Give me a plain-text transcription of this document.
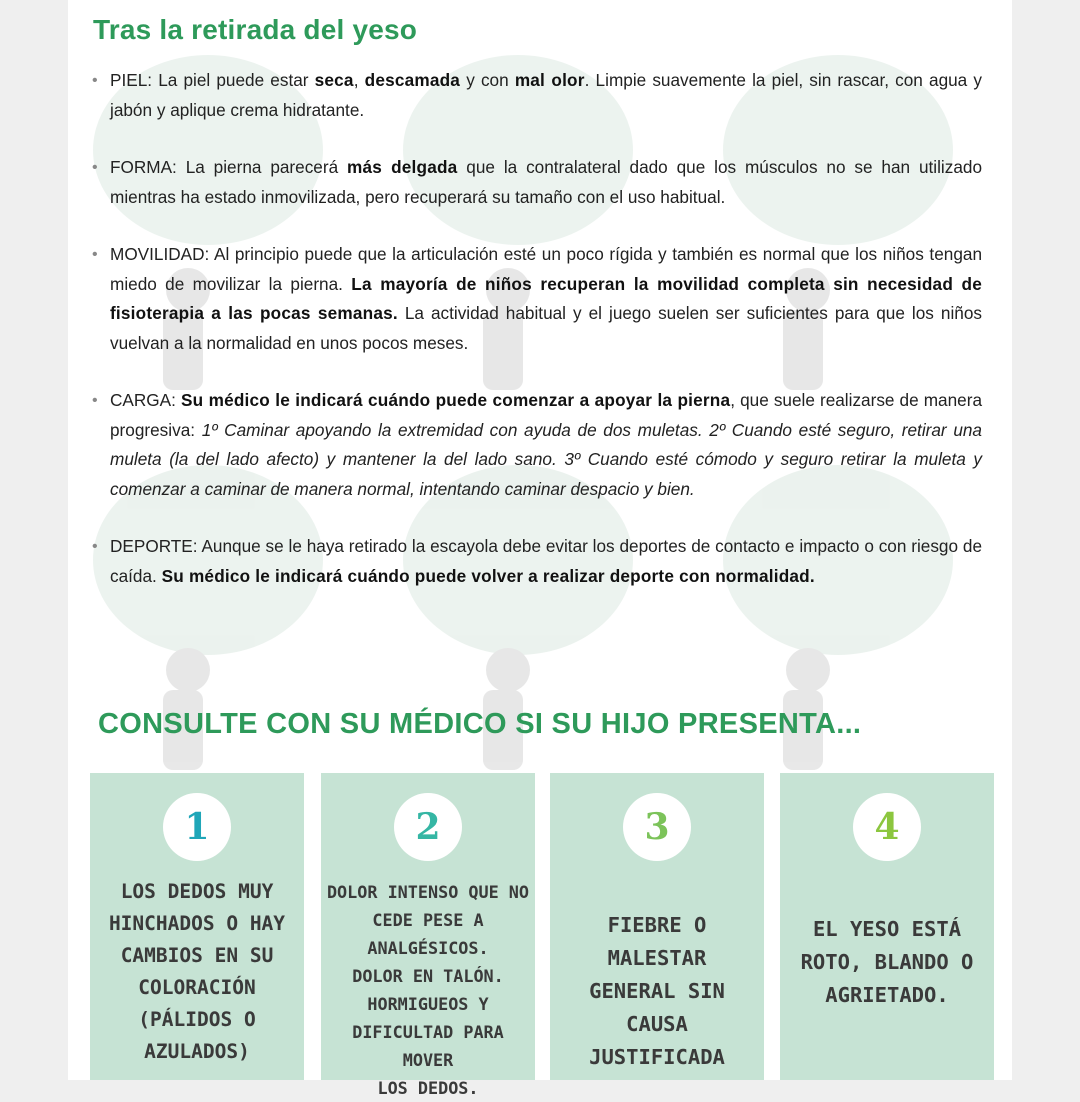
Tras la retirada del yeso
• PIEL: La piel puede estar seca, descamada y con mal olor. Limpie suavemente la piel, sin rascar, con agua y jabón y aplique crema hidratante.
• FORMA: La pierna parecerá más delgada que la contralateral dado que los músculos no se han utilizado mientras ha estado inmovilizada, pero recuperará su tamaño con el uso habitual.
• MOVILIDAD: Al principio puede que la articulación esté un poco rígida y también es normal que los niños tengan miedo de movilizar la pierna. La mayoría de niños recuperan la movilidad completa sin necesidad de fisioterapia a las pocas semanas. La actividad habitual y el juego suelen ser suficientes para que los niños vuelvan a la normalidad en unos pocos meses.
• CARGA: Su médico le indicará cuándo puede comenzar a apoyar la pierna, que suele realizarse de manera progresiva: 1º Caminar apoyando la extremidad con ayuda de dos muletas. 2º Cuando esté seguro, retirar una muleta (la del lado afecto) y mantener la del lado sano. 3º Cuando esté cómodo y seguro retirar la muleta y comenzar a caminar de manera normal, intentando caminar despacio y bien.
• DEPORTE: Aunque se le haya retirado la escayola debe evitar los deportes de contacto e impacto o con riesgo de caída. Su médico le indicará cuándo puede volver a realizar deporte con normalidad.
CONSULTE CON SU MÉDICO SI SU HIJO PRESENTA...
1
LOS DEDOS MUY
HINCHADOS O HAY
CAMBIOS EN SU
COLORACIÓN
(PÁLIDOS O
AZULADOS)
2
DOLOR INTENSO QUE NO
CEDE PESE A
ANALGÉSICOS.
DOLOR EN TALÓN.
HORMIGUEOS Y
DIFICULTAD PARA MOVER
LOS DEDOS.
3
FIEBRE O MALESTAR
GENERAL SIN
CAUSA JUSTIFICADA
4
EL YESO ESTÁ
ROTO, BLANDO O
AGRIETADO.
